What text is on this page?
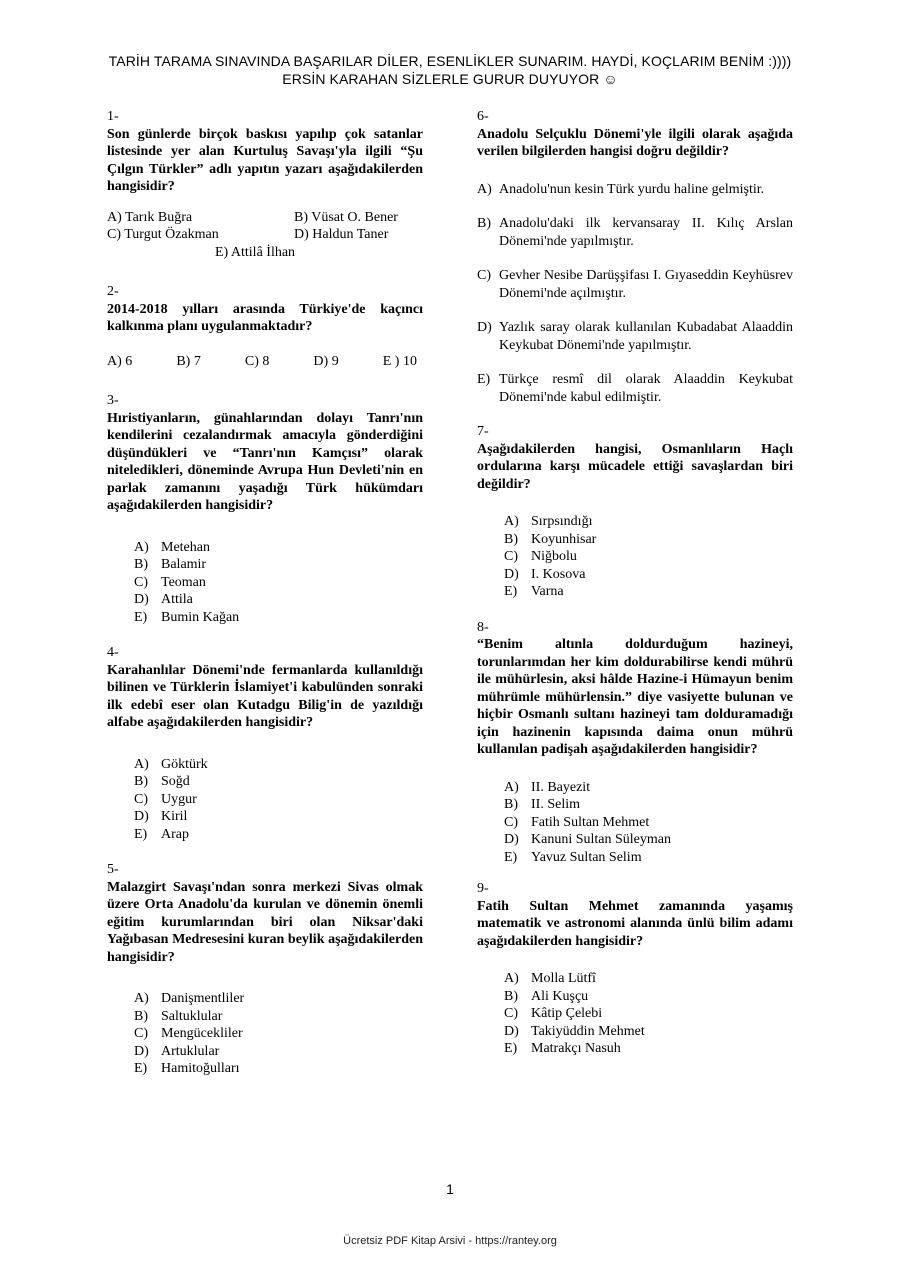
TARİH TARAMA SINAVINDA BAŞARILAR DİLER, ESENLİKLER SUNARIM. HAYDİ, KOÇLARIM BENİM :))))
ERSİN KARAHAN SİZLERLE GURUR DUYUYOR ☺
1-

Son günlerde birçok baskısı yapılıp çok satanlar listesinde yer alan Kurtuluş Savaşı'yla ilgili “Şu Çılgın Türkler” adlı yapıtın yazarı aşağıdakilerden hangisidir?

A) Tarık Buğra	B) Vüsat O. Bener
C) Turgut Özakman	D) Haldun Taner
E) Attilâ İlhan
2-

2014-2018 yılları arasında Türkiye'de kaçıncı kalkınma planı uygulanmaktadır?

A) 6	B) 7	C) 8	D) 9	E ) 10
3-

Hıristiyanların, günahlarından dolayı Tanrı'nın kendilerini cezalandırmak amacıyla gönderdiğini düşündükleri ve “Tanrı'nın Kamçısı” olarak niteledikleri, döneminde Avrupa Hun Devleti'nin en parlak zamanını yaşadığı Türk hükümdarı aşağıdakilerden hangisidir?

A) Metehan
B) Balamir
C) Teoman
D) Attila
E) Bumin Kağan
4-

Karahanlılar Dönemi'nde fermanlarda kullanıldığı bilinen ve Türklerin İslamiyet'i kabulünden sonraki ilk edebî eser olan Kutadgu Bilig'in de yazıldığı alfabe aşağıdakilerden hangisidir?

A) Göktürk
B) Soğd
C) Uygur
D) Kiril
E) Arap
5-

Malazgirt Savaşı'ndan sonra merkezi Sivas olmak üzere Orta Anadolu'da kurulan ve dönemin önemli eğitim kurumlarından biri olan Niksar'daki Yağıbasan Medresesini kuran beylik aşağıdakilerden hangisidir?

A) Danişmentliler
B) Saltuklular
C) Mengücekliler
D) Artuklular
E) Hamitoğulları
6-

Anadolu Selçuklu Dönemi'yle ilgili olarak aşağıda verilen bilgilerden hangisi doğru değildir?

A) Anadolu'nun kesin Türk yurdu haline gelmiştir.
B) Anadolu'daki ilk kervansaray II. Kılıç Arslan Dönemi'nde yapılmıştır.
C) Gevher Nesibe Darüşşifası I. Gıyaseddin Keyhüsrev Dönemi'nde açılmıştır.
D) Yazlık saray olarak kullanılan Kubadabat Alaaddin Keykubat Dönemi'nde yapılmıştır.
E) Türkçe resmî dil olarak Alaaddin Keykubat Dönemi'nde kabul edilmiştir.
7-

Aşağıdakilerden hangisi, Osmanlıların Haçlı ordularına karşı mücadele ettiği savaşlardan biri değildir?

A) Sırpsındığı
B) Koyunhisar
C) Niğbolu
D) I. Kosova
E) Varna
8-

“Benim altınla doldurduğum hazineyi, torunlarımdan her kim doldurabilirse kendi mührü ile mühürlesin, aksi hâlde Hazine-i Hümayun benim mührümle mühürlensin.” diye vasiyette bulunan ve hiçbir Osmanlı sultanı hazineyi tam dolduramadığı için hazinenin kapısında daima onun mührü kullanılan padişah aşağıdakilerden hangisidir?

A) II. Bayezit
B) II. Selim
C) Fatih Sultan Mehmet
D) Kanuni Sultan Süleyman
E) Yavuz Sultan Selim
9-

Fatih Sultan Mehmet zamanında yaşamış matematik ve astronomi alanında ünlü bilim adamı aşağıdakilerden hangisidir?

A) Molla Lütfî
B) Ali Kuşçu
C) Kâtip Çelebi
D) Takiyüddin Mehmet
E) Matrakçı Nasuh
1
Ücretsiz PDF Kitap Arsivi - https://rantey.org
